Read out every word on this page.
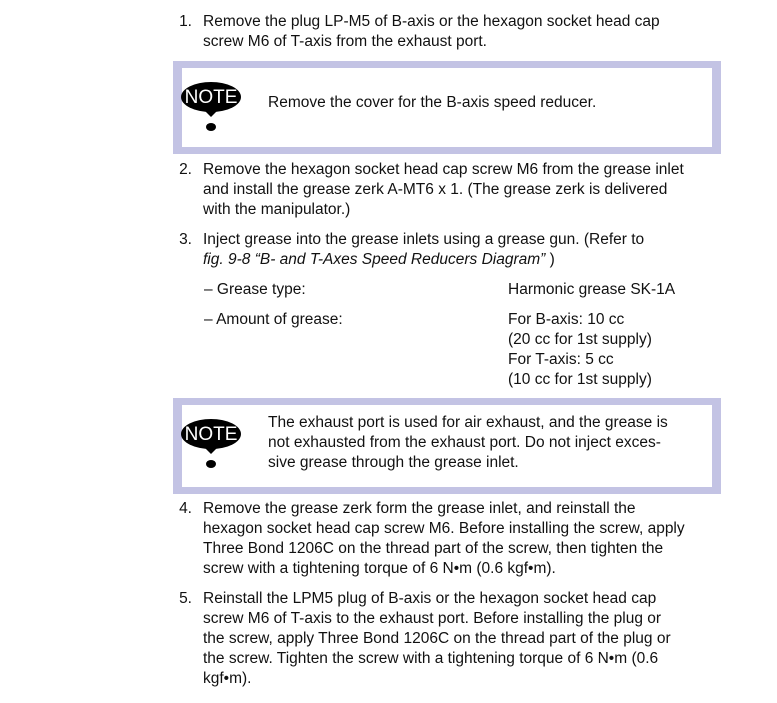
1. Remove the plug LP-M5 of B-axis or the hexagon socket head cap
screw M6 of T-axis from the exhaust port.
NOTE Remove the cover for the B-axis speed reducer.
2. Remove the hexagon socket head cap screw M6 from the grease inlet
and install the grease zerk A-MT6 x 1. (The grease zerk is delivered
with the manipulator.)
3. Inject grease into the grease inlets using a grease gun. (Refer to
fig. 9-8 “B- and T-Axes Speed Reducers Diagram” )
– Grease type:	Harmonic grease SK-1A
– Amount of grease:	For B-axis: 10 cc
(20 cc for 1st supply)
For T-axis: 5 cc
(10 cc for 1st supply)
NOTE
The exhaust port is used for air exhaust, and the grease is
not exhausted from the exhaust port. Do not inject exces-
sive grease through the grease inlet.
4. Remove the grease zerk form the grease inlet, and reinstall the
hexagon socket head cap screw M6. Before installing the screw, apply
Three Bond 1206C on the thread part of the screw, then tighten the
screw with a tightening torque of 6 N•m (0.6 kgf•m).
5. Reinstall the LPM5 plug of B-axis or the hexagon socket head cap
screw M6 of T-axis to the exhaust port. Before installing the plug or
the screw, apply Three Bond 1206C on the thread part of the plug or
the screw. Tighten the screw with a tightening torque of 6 N•m (0.6
kgf•m).
